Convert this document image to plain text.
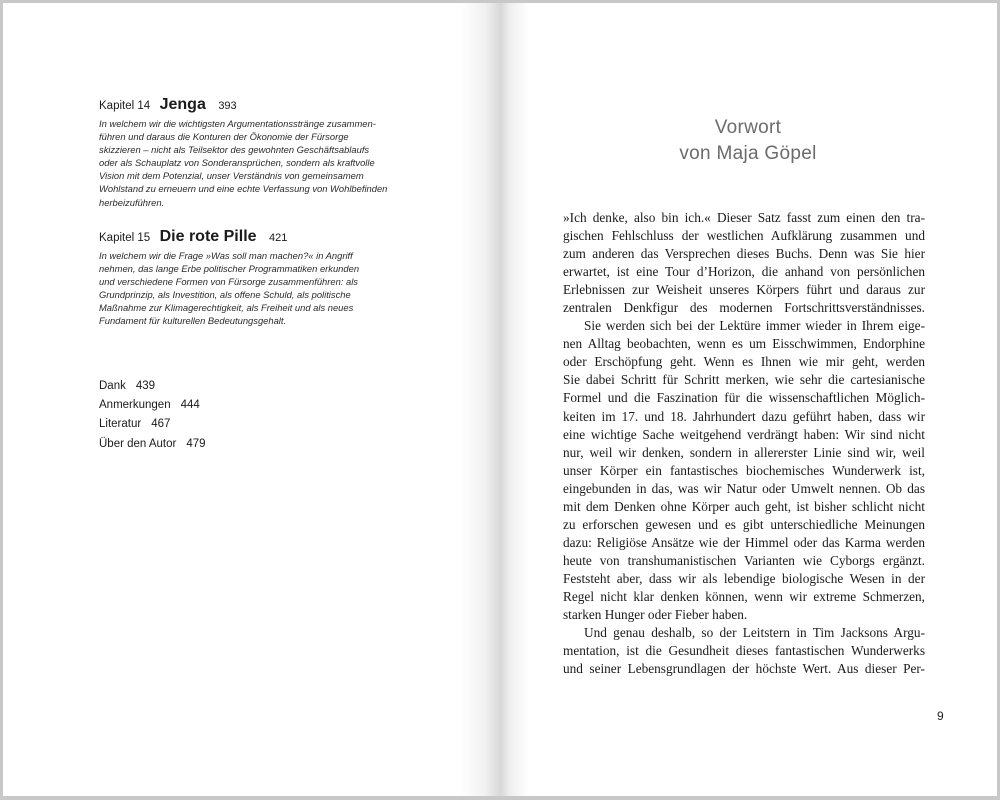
Kapitel 14 Jenga 393

In welchem wir die wichtigsten Argumentationsstränge zusammen-
führen und daraus die Konturen der Ökonomie der Fürsorge
skizzieren – nicht als Teilsektor des gewohnten Geschäftsablaufs
oder als Schauplatz von Sonderansprüchen, sondern als kraftvolle
Vision mit dem Potenzial, unser Verständnis von gemeinsamem
Wohlstand zu erneuern und eine echte Verfassung von Wohlbefinden
herbeizuführen.

Kapitel 15 Die rote Pille 421

In welchem wir die Frage »Was soll man machen?« in Angriff
nehmen, das lange Erbe politischer Programmatiken erkunden
und verschiedene Formen von Fürsorge zusammenführen: als
Grundprinzip, als Investition, als offene Schuld, als politische
Maßnahme zur Klimagerechtigkeit, als Freiheit und als neues
Fundament für kulturellen Bedeutungsgehalt.

Dank 439
Anmerkungen 444
Literatur 467
Über den Autor 479
Vorwort
von Maja Göpel

»Ich denke, also bin ich.« Dieser Satz fasst zum einen den tra-
gischen Fehlschluss der westlichen Aufklärung zusammen und
zum anderen das Versprechen dieses Buchs. Denn was Sie hier
erwartet, ist eine Tour d’Horizon, die anhand von persönlichen
Erlebnissen zur Weisheit unseres Körpers führt und daraus zur
zentralen Denkfigur des modernen Fortschrittsverständnisses.

Sie werden sich bei der Lektüre immer wieder in Ihrem eige-
nen Alltag beobachten, wenn es um Eisschwimmen, Endorphine
oder Erschöpfung geht. Wenn es Ihnen wie mir geht, werden
Sie dabei Schritt für Schritt merken, wie sehr die cartesianische
Formel und die Faszination für die wissenschaftlichen Möglich-
keiten im 17. und 18. Jahrhundert dazu geführt haben, dass wir
eine wichtige Sache weitgehend verdrängt haben: Wir sind nicht
nur, weil wir denken, sondern in allererster Linie sind wir, weil
unser Körper ein fantastisches biochemisches Wunderwerk ist,
eingebunden in das, was wir Natur oder Umwelt nennen. Ob das
mit dem Denken ohne Körper auch geht, ist bisher schlicht nicht
zu erforschen gewesen und es gibt unterschiedliche Meinungen
dazu: Religiöse Ansätze wie der Himmel oder das Karma werden
heute von transhumanistischen Varianten wie Cyborgs ergänzt.
Feststeht aber, dass wir als lebendige biologische Wesen in der
Regel nicht klar denken können, wenn wir extreme Schmerzen,
starken Hunger oder Fieber haben.

Und genau deshalb, so der Leitstern in Tim Jacksons Argu-
mentation, ist die Gesundheit dieses fantastischen Wunderwerks
und seiner Lebensgrundlagen der höchste Wert. Aus dieser Per-

9
